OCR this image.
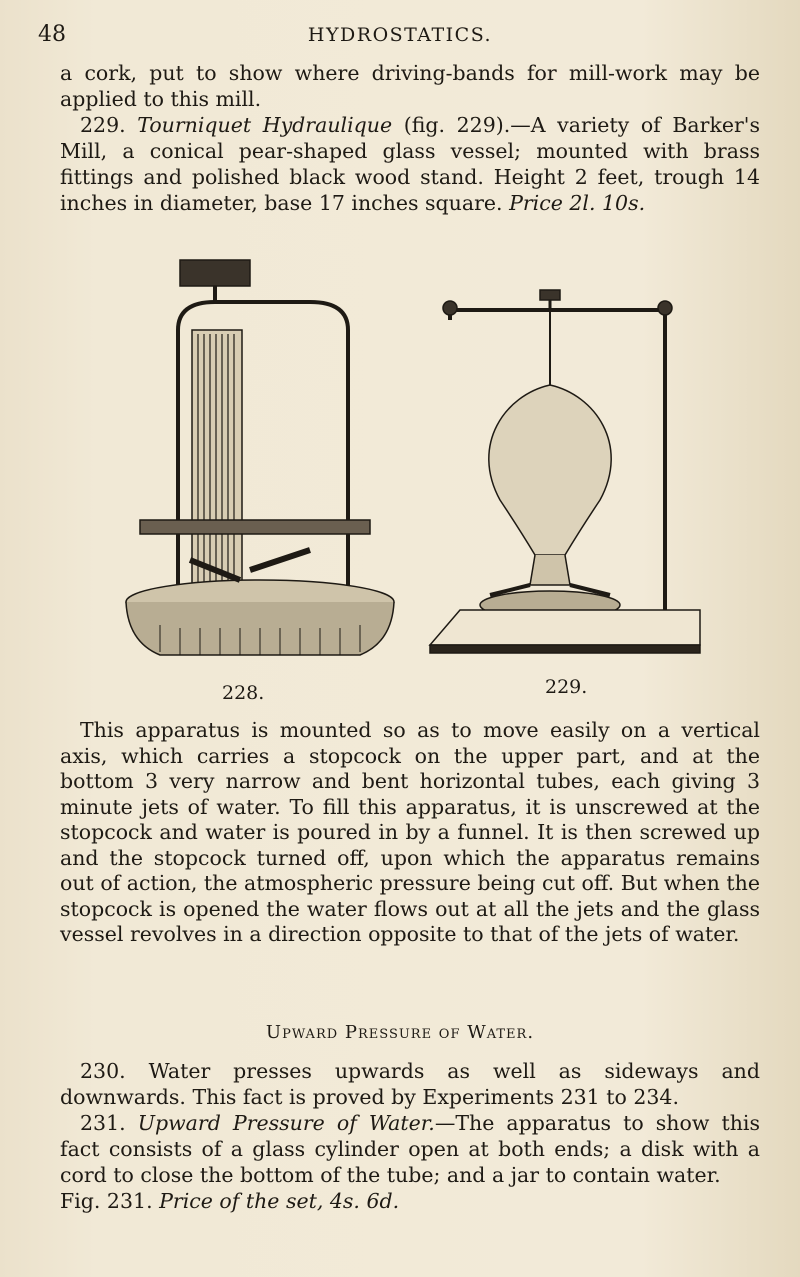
48	HYDROSTATICS.

a cork, put to show where driving-bands for mill-work may be applied to this mill.

229. Tourniquet Hydraulique (fig. 229).—A variety of Barker's Mill, a conical pear-shaped glass vessel; mounted with brass fittings and polished black wood stand. Height 2 feet, trough 14 inches in diameter, base 17 inches square. Price 2l. 10s.

228.	229.

This apparatus is mounted so as to move easily on a vertical axis, which carries a stopcock on the upper part, and at the bottom 3 very narrow and bent horizontal tubes, each giving 3 minute jets of water. To fill this apparatus, it is unscrewed at the stopcock and water is poured in by a funnel. It is then screwed up and the stopcock turned off, upon which the apparatus remains out of action, the atmospheric pressure being cut off. But when the stopcock is opened the water flows out at all the jets and the glass vessel revolves in a direction opposite to that of the jets of water.

Upward Pressure of Water.

230. Water presses upwards as well as sideways and downwards. This fact is proved by Experiments 231 to 234.

231. Upward Pressure of Water.—The apparatus to show this fact consists of a glass cylinder open at both ends; a disk with a cord to close the bottom of the tube; and a jar to contain water.

Fig. 231. Price of the set, 4s. 6d.
